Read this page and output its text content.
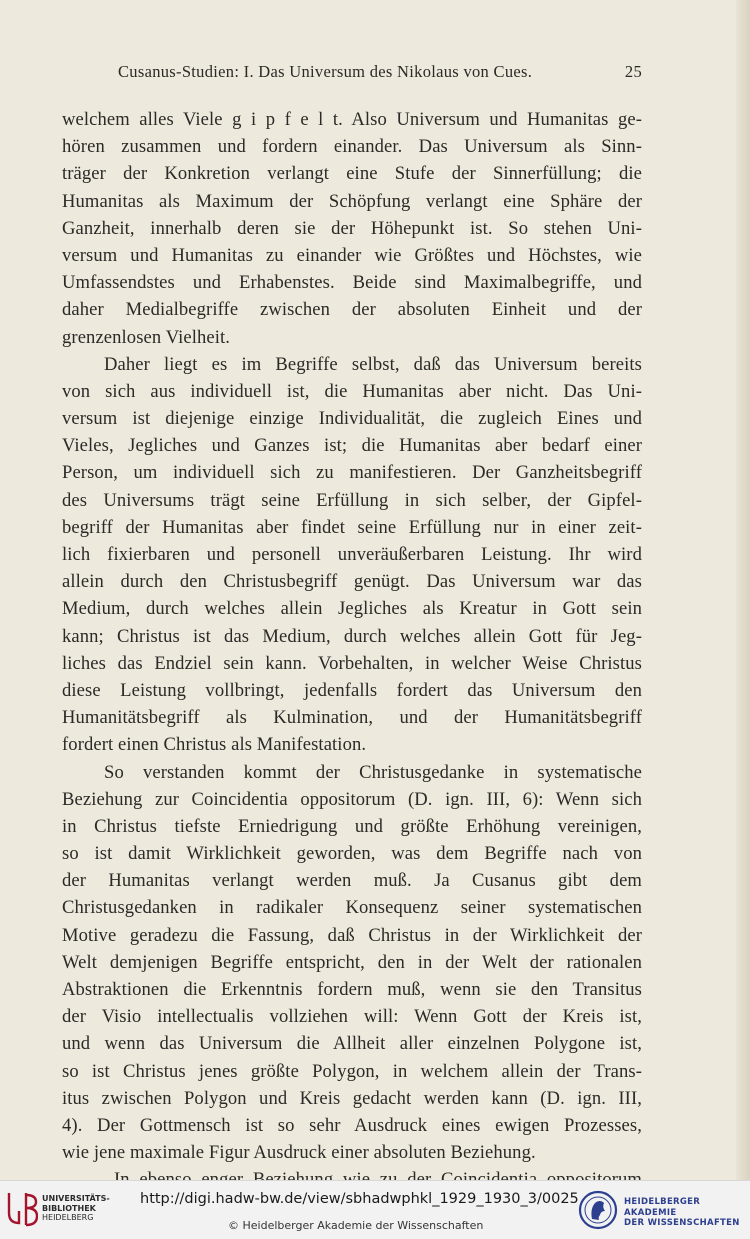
Cusanus-Studien: I. Das Universum des Nikolaus von Cues.	25
welchem alles Viele g i p f e l t. Also Universum und Humanitas ge-
hören zusammen und fordern einander. Das Universum als Sinn-
träger der Konkretion verlangt eine Stufe der Sinnerfüllung; die
Humanitas als Maximum der Schöpfung verlangt eine Sphäre der
Ganzheit, innerhalb deren sie der Höhepunkt ist. So stehen Uni-
versum und Humanitas zu einander wie Größtes und Höchstes, wie
Umfassendstes und Erhabenstes. Beide sind Maximalbegriffe, und
daher Medialbegriffe zwischen der absoluten Einheit und der
grenzenlosen Vielheit.
Daher liegt es im Begriffe selbst, daß das Universum bereits
von sich aus individuell ist, die Humanitas aber nicht. Das Uni-
versum ist diejenige einzige Individualität, die zugleich Eines und
Vieles, Jegliches und Ganzes ist; die Humanitas aber bedarf einer
Person, um individuell sich zu manifestieren. Der Ganzheitsbegriff
des Universums trägt seine Erfüllung in sich selber, der Gipfel-
begriff der Humanitas aber findet seine Erfüllung nur in einer zeit-
lich fixierbaren und personell unveräußerbaren Leistung. Ihr wird
allein durch den Christusbegriff genügt. Das Universum war das
Medium, durch welches allein Jegliches als Kreatur in Gott sein
kann; Christus ist das Medium, durch welches allein Gott für Jeg-
liches das Endziel sein kann. Vorbehalten, in welcher Weise Christus
diese Leistung vollbringt, jedenfalls fordert das Universum den
Humanitätsbegriff als Kulmination, und der Humanitätsbegriff
fordert einen Christus als Manifestation.
So verstanden kommt der Christusgedanke in systematische
Beziehung zur Coincidentia oppositorum (D. ign. III, 6): Wenn sich
in Christus tiefste Erniedrigung und größte Erhöhung vereinigen,
so ist damit Wirklichkeit geworden, was dem Begriffe nach von
der Humanitas verlangt werden muß. Ja Cusanus gibt dem
Christusgedanken in radikaler Konsequenz seiner systematischen
Motive geradezu die Fassung, daß Christus in der Wirklichkeit der
Welt demjenigen Begriffe entspricht, den in der Welt der rationalen
Abstraktionen die Erkenntnis fordern muß, wenn sie den Transitus
der Visio intellectualis vollziehen will: Wenn Gott der Kreis ist,
und wenn das Universum die Allheit aller einzelnen Polygone ist,
so ist Christus jenes größte Polygon, in welchem allein der Trans-
itus zwischen Polygon und Kreis gedacht werden kann (D. ign. III,
4). Der Gottmensch ist so sehr Ausdruck eines ewigen Prozesses,
wie jene maximale Figur Ausdruck einer absoluten Beziehung.
UNIVERSITÄTS-
BIBLIOTHEK
HEIDELBERG
http://digi.hadw-bw.de/view/sbhadwphkl_1929_1930_3/0025
© Heidelberger Akademie der Wissenschaften
HEIDELBERGER AKADEMIE
DER WISSENSCHAFTEN
